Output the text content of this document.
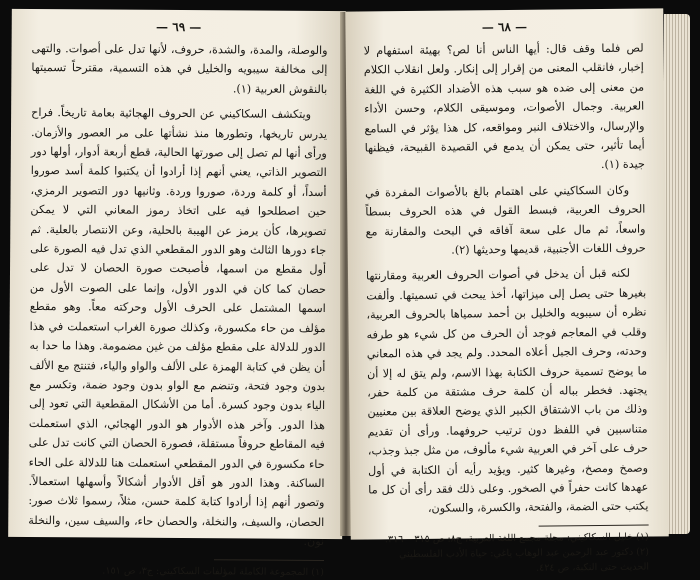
— ٦٩ —

والوصلة، والمدة، والشدة، حروف، لأنها تدل على أصوات. والتهى إلى مخالفة سيبويه والخليل في هذه التسمية، مقترحاً تسميتها بالنقوش العربية (١).

ويتكشف السكاكيني عن الحروف الهجائية بعامة تاريخاً. فراح يدرس تاريخها، وتطورها منذ نشأتها على مر العصور والأزمان. ورأى أنها لم تصل إلى صورتها الحالية، قطع أربعة أدوار، أولها دور التصوير الذاتي، يعني أنهم إذا أرادوا أن يكتبوا كلمة أسد صوروا أسداً، أو كلمة وردة، صوروا وردة. وثانيها دور التصوير الرمزي، حين اصطلحوا فيه على اتخاذ رموز المعاني التي لا يمكن تصويرها، كأن يرمز عن الهيبة بالحلية، وعن الانتصار بالعلية. ثم جاء دورها الثالث وهو الدور المقطعي الذي تدل فيه الصورة على أول مقطع من اسمها، فأصبحت صورة الحصان لا تدل على حصان كما كان في الدور الأول، وإنما على الصوت الأول من اسمها المشتمل على الحرف الأول وحركته معاً. وهو مقطع مؤلف من حاء مكسورة، وكذلك صورة الغراب استعملت في هذا الدور للدلالة على مقطع مؤلف من غين مضمومة. وهذا ما حدا به أن يظن في كتابة الهمزة على الألف والواو والياء، فتنتج مع الألف بدون وجود فتحة، وتنضم مع الواو بدون وجود ضمة، وتكسر مع الياء بدون وجود كسرة. أما من الأشكال المقطعية التي تعود إلى هذا الدور. وآخر هذه الأدوار هو الدور الهجائي، الذي استعملت فيه المقاطع حروفاً مستقلة، فصورة الحصان التي كانت تدل على حاء مكسورة في الدور المقطعي استعملت هنا للدلالة على الحاء الساكنة. وهذا الدور هو أقل الأدوار أشكالاً وأسهلها استعمالاً. وتصور أنهم إذا أرادوا كتابة كلمة حسن، مثلاً، رسموا ثلاث صور: الحصان، والسيف، والنخلة، والحصان حاء، والسيف سين، والنخلة نون.

(١) المجموعة الكاملة لمؤلفات السكاكيني: ج٣، ص ١٥١.

— ٦٨ —

لص فلما وقف قال: أيها الناس أنا لص؟ بهيئة استفهام لا إخبار، فانقلب المعنى من إقرار إلى إنكار. ولعل انقلاب الكلام من معنى إلى ضده هو سبب هذه الأضداد الكثيرة في اللغة العربية. وجمال الأصوات، وموسيقى الكلام، وحسن الأداء والإرسال، والاختلاف النبر ومواقعه، كل هذا يؤثر في السامع أيما تأثير، حتى يمكن أن يدمع في القصيدة القبيحة، فيظنها جيدة (١).

وكان السكاكيني على اهتمام بالغ بالأصوات المفردة في الحروف العربية، فبسط القول في هذه الحروف بسطاً واسعاً، ثم مال على سعة آفاقه في البحث والمقارنة مع حروف اللغات الأجنبية، قديمها وحديثها (٢).

لكنه قبل أن يدخل في أصوات الحروف العربية ومقارنتها بغيرها حتى يصل إلى ميزاتها، أخذ يبحث في تسميتها. وألفت نظره أن سيبويه والخليل بن أحمد سمياها بالحروف العربية، وقلب في المعاجم فوجد أن الحرف من كل شيء هو طرفه وحدته، وحرف الجبل أعلاه المحدد. ولم يجد في هذه المعاني ما يوضح تسمية حروف الكتابة بهذا الاسم، ولم يتق له إلا أن يجتهد. فخطر بباله أن كلمة حرف مشتقة من كلمة حفر، وذلك من باب الاشتقاق الكبير الذي يوضح العلاقة بين معنيين متناسبين في اللفظ دون ترتيب حروفهما. ورأى أن تقديم حرف على آخر في العربية شيء مألوف، من مثل جبذ وجذب، وصمخ ومصخ، وغيرها كثير. ويؤيد رأيه أن الكتابة في أول عهدها كانت حفراً في الصخور. وعلى ذلك فقد رأى أن كل ما يكتب حتى الضمة، والفتحة، والكسرة، والسكون،

(١) خليل السكاكيني: مجلة مجمع اللغة العربية، ج٨: ص ٣١٥ – ٣١٦.

(٢) دكتور عبد الرحمن عبد الوهاب ياغي: حياة الأدب الفلسطيني الحديث حتى النكبة، ص ٤٢٤.
